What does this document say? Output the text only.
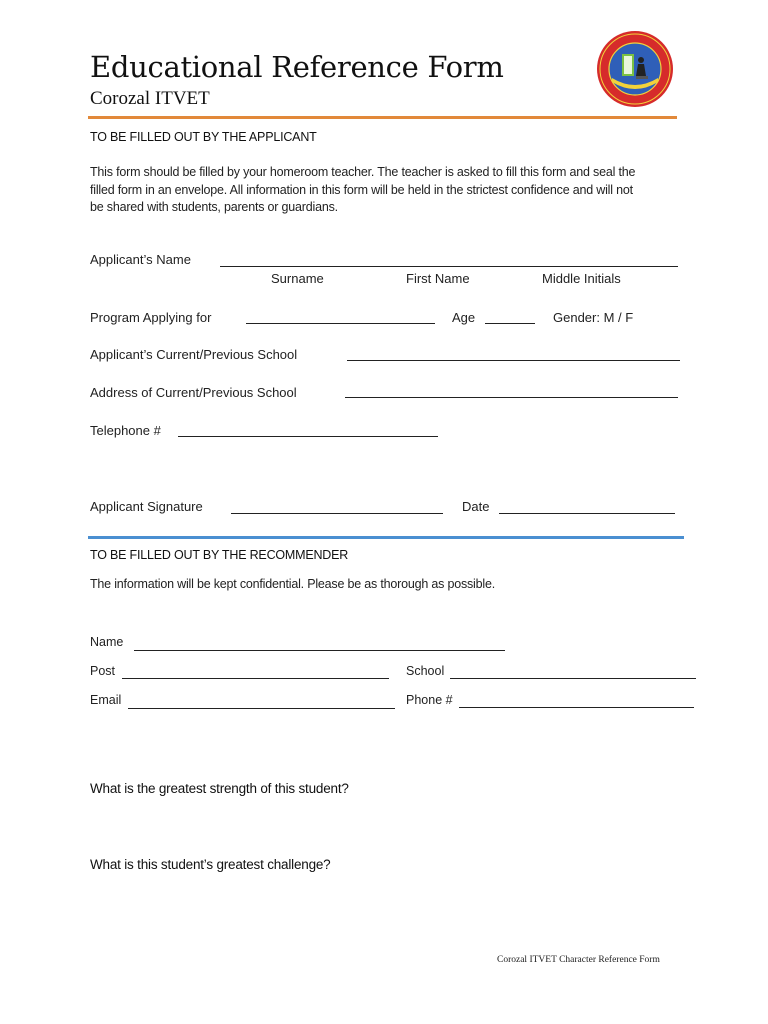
Educational Reference Form
Corozal ITVET
TO BE FILLED OUT BY THE APPLICANT
This form should be filled by your homeroom teacher. The teacher is asked to fill this form and seal the
filled form in an envelope. All information in this form will be held in the strictest confidence and will not
be shared with students, parents or guardians.
Applicant’s Name
Surname	First Name	Middle Initials
Program Applying for	Age	Gender: M / F
Applicant’s Current/Previous School
Address of Current/Previous School
Telephone #
Applicant Signature	Date
TO BE FILLED OUT BY THE RECOMMENDER
The information will be kept confidential. Please be as thorough as possible.
Name
Post	School
Email	Phone #
What is the greatest strength of this student?
What is this student’s greatest challenge?
Corozal ITVET Character Reference Form
